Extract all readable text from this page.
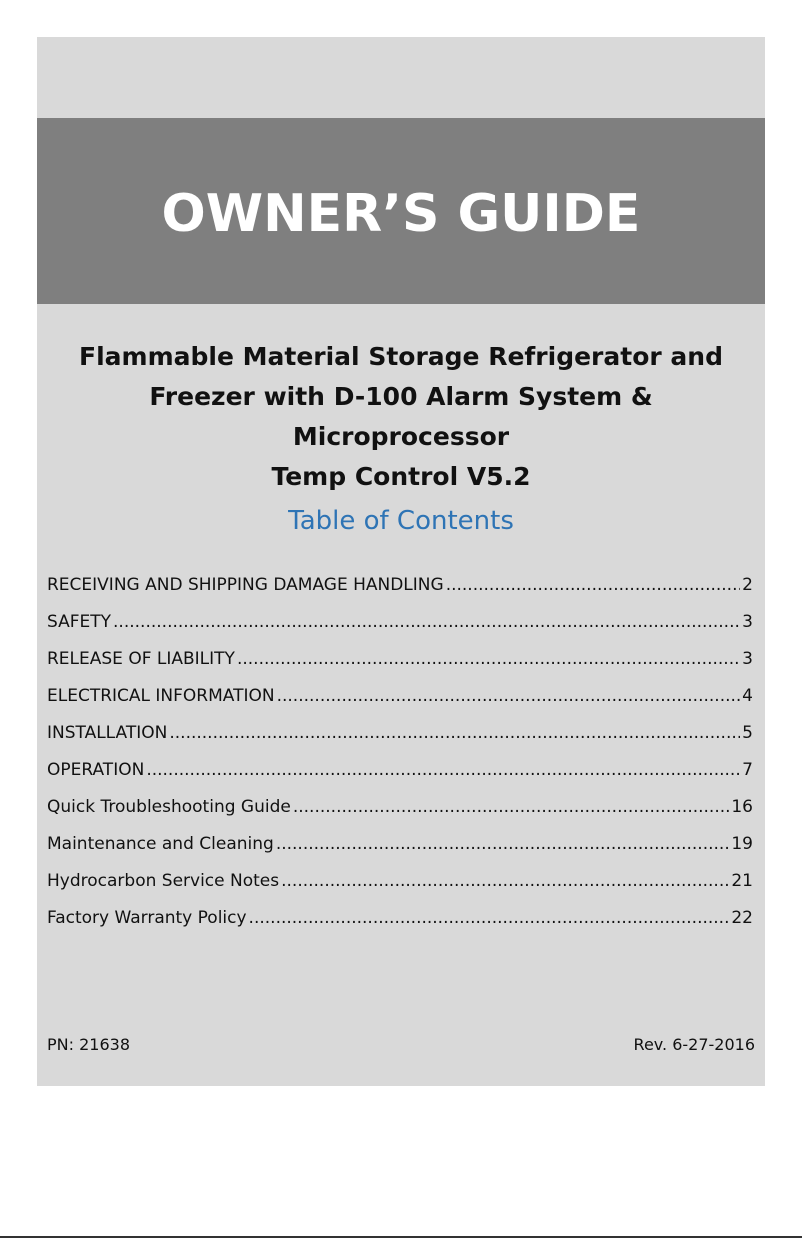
OWNER’S GUIDE
Flammable Material Storage Refrigerator and
Freezer with D-100 Alarm System & Microprocessor
Temp Control V5.2
Table of Contents
RECEIVING AND SHIPPING DAMAGE HANDLING .....	2
SAFETY .....	3
RELEASE OF LIABILITY .....	3
ELECTRICAL INFORMATION .....	4
INSTALLATION .....	5
OPERATION .....	7
Quick Troubleshooting Guide .....	16
Maintenance and Cleaning .....	19
Hydrocarbon Service Notes .....	21
Factory Warranty Policy .....	22
PN: 21638	Rev. 6-27-2016
